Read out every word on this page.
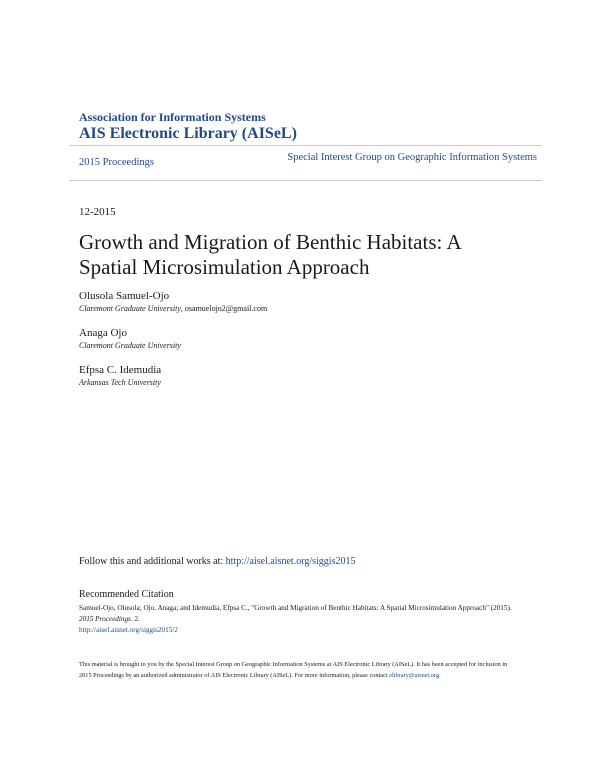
Association for Information Systems
AIS Electronic Library (AISeL)
2015 Proceedings	Special Interest Group on Geographic Information Systems
12-2015
Growth and Migration of Benthic Habitats: A Spatial Microsimulation Approach
Olusola Samuel-Ojo
Claremont Graduate University, osamuelojo2@gmail.com
Anaga Ojo
Claremont Graduate University
Efpsa C. Idemudia
Arkansas Tech University
Follow this and additional works at: http://aisel.aisnet.org/siggis2015
Recommended Citation
Samuel-Ojo, Olusola; Ojo, Anaga; and Idemudia, Efpsa C., "Growth and Migration of Benthic Habitats: A Spatial Microsimulation Approach" (2015). 2015 Proceedings. 2.
http://aisel.aisnet.org/siggis2015/2
This material is brought to you by the Special Interest Group on Geographic Information Systems at AIS Electronic Library (AISeL). It has been accepted for inclusion in 2015 Proceedings by an authorized administrator of AIS Electronic Library (AISeL). For more information, please contact elibrary@aisnet.org.
